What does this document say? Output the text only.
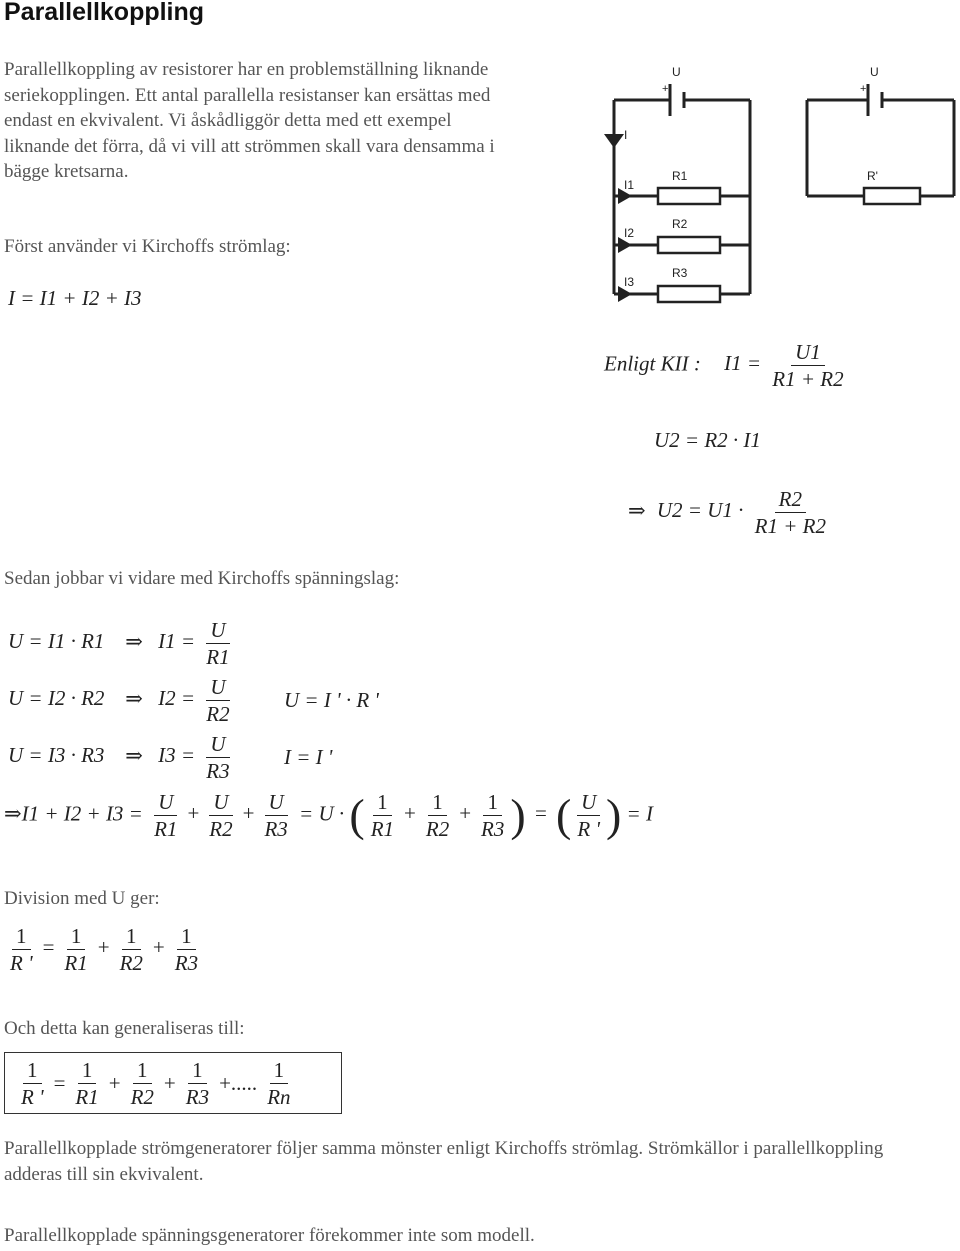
Parallellkoppling
Parallellkoppling av resistorer har en problemställning liknande seriekopplingen. Ett antal parallella resistanser kan ersättas med endast en ekvivalent. Vi åskådliggör detta med ett exempel liknande det förra, då vi vill att strömmen skall vara densamma i bägge kretsarna.
+	+
U	U
I
I1
I2
I3
R1
R2
R3
R'
Först använder vi Kirchoffs strömlag:
I = I1 + I2 + I3
Enligt KII : $I1 = \frac{U1}{R1 + R2}$
U2 = R2 · I1
⇒ $U2 = U1 \cdot \frac{R2}{R1 + R2}$
Sedan jobbar vi vidare med Kirchoffs spänningslag:
U = I1 · R1 ⇒ $I1 = \frac{U}{R1}$
U = I2 · R2 ⇒ $I2 = \frac{U}{R2}$
U = I3 · R3 ⇒ $I3 = \frac{U}{R3}$
U = I ' · R '
I = I '
⇒I1 + $I2 + I3 = \frac{U}{R1} + \frac{U}{R2} + \frac{U}{R3} = U$ · ( $\frac{1}{R1} + \frac{1}{R2} + \frac{1}{R3}$ ) = ( $\frac{U}{R '}$ ) = I
Division med U ger:
$\frac{1}{R '} = \frac{1}{R1} + \frac{1}{R2} + \frac{1}{R3}$
Och detta kan generaliseras till:
$\frac{1}{R '} = \frac{1}{R1} + \frac{1}{R2} + \frac{1}{R3}$ +..... $\frac{1}{Rn}$
Parallellkopplade strömgeneratorer följer samma mönster enligt Kirchoffs strömlag. Strömkällor i parallellkoppling adderas till sin ekvivalent.
Parallellkopplade spänningsgeneratorer förekommer inte som modell.
